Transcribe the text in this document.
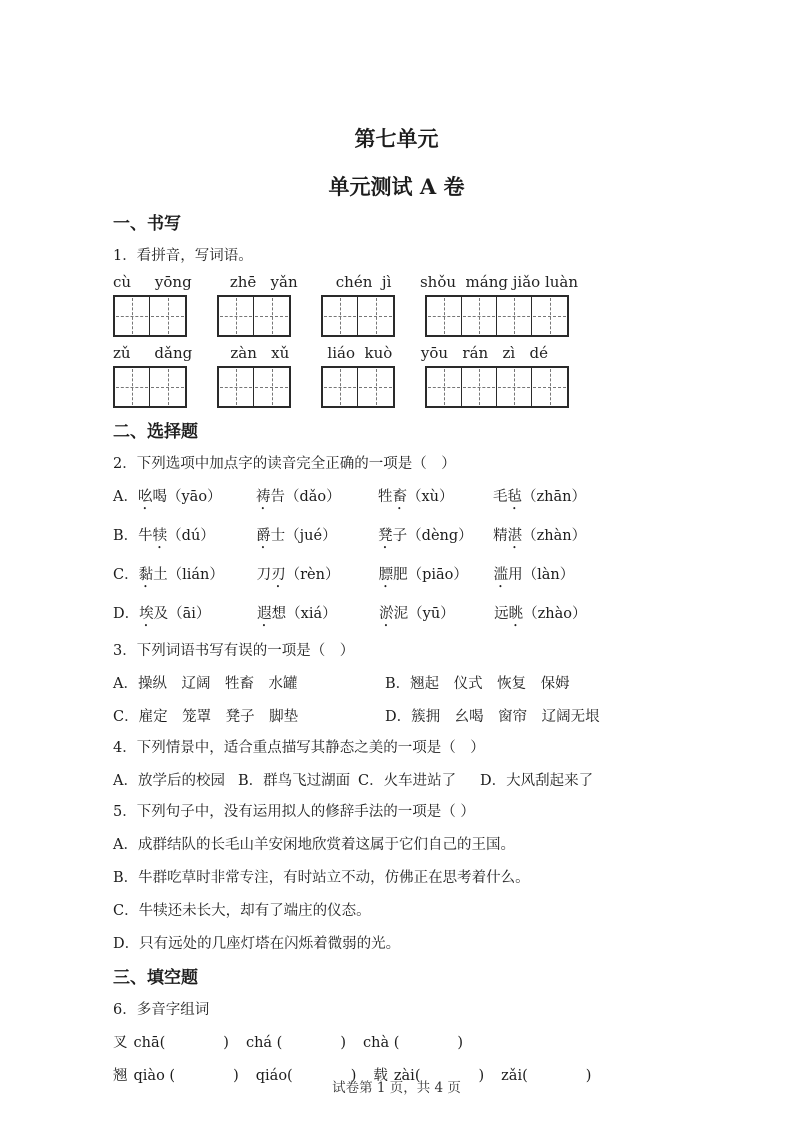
第七单元
单元测试 A 卷
一、书写
1．看拼音，写词语。
cù     yōng        zhē   yǎn        chén  jì      shǒu  máng jiǎo luàn
zǔ     dǎng        zàn   xǔ        liáo  kuò      yōu   rán   zì   dé
二、选择题
2．下列选项中加点字的读音完全正确的一项是（　）
A．吆喝（yāo） 祷告（dǎo）	牲畜（xù）	毛毡（zhān）
B．牛犊（dú）	爵士（jué）	凳子（dèng） 精湛（zhàn）
C．黏土（lián） 刀刃（rèn）	膘肥（piāo） 滥用（làn）
D．埃及（āi）	遐想（xiá）	淤泥（yū）	远眺（zhào）
3．下列词语书写有误的一项是（　）
A．操纵　辽阔　牲畜　水罐	B．翘起　仪式　恢复　保姆
C．雇定　笼罩　凳子　脚垫	D．簇拥　幺喝　窗帘　辽阔无垠
4．下列情景中，适合重点描写其静态之美的一项是（　）
A．放学后的校园 B．群鸟飞过湖面 C．火车进站了 D．大风刮起来了
5．下列句子中，没有运用拟人的修辞手法的一项是（ ）
A．成群结队的长毛山羊安闲地欣赏着这属于它们自己的王国。
B．牛群吃草时非常专注，有时站立不动，仿佛正在思考着什么。
C．牛犊还未长大，却有了端庄的仪态。
D．只有远处的几座灯塔在闪烁着微弱的光。
三、填空题
6．多音字组词
叉 chā(	) chá (	) chà (	)
翘 qiào (	) qiáo(	) 载 zài(	) zǎi(	)
试卷第 1 页，共 4 页
